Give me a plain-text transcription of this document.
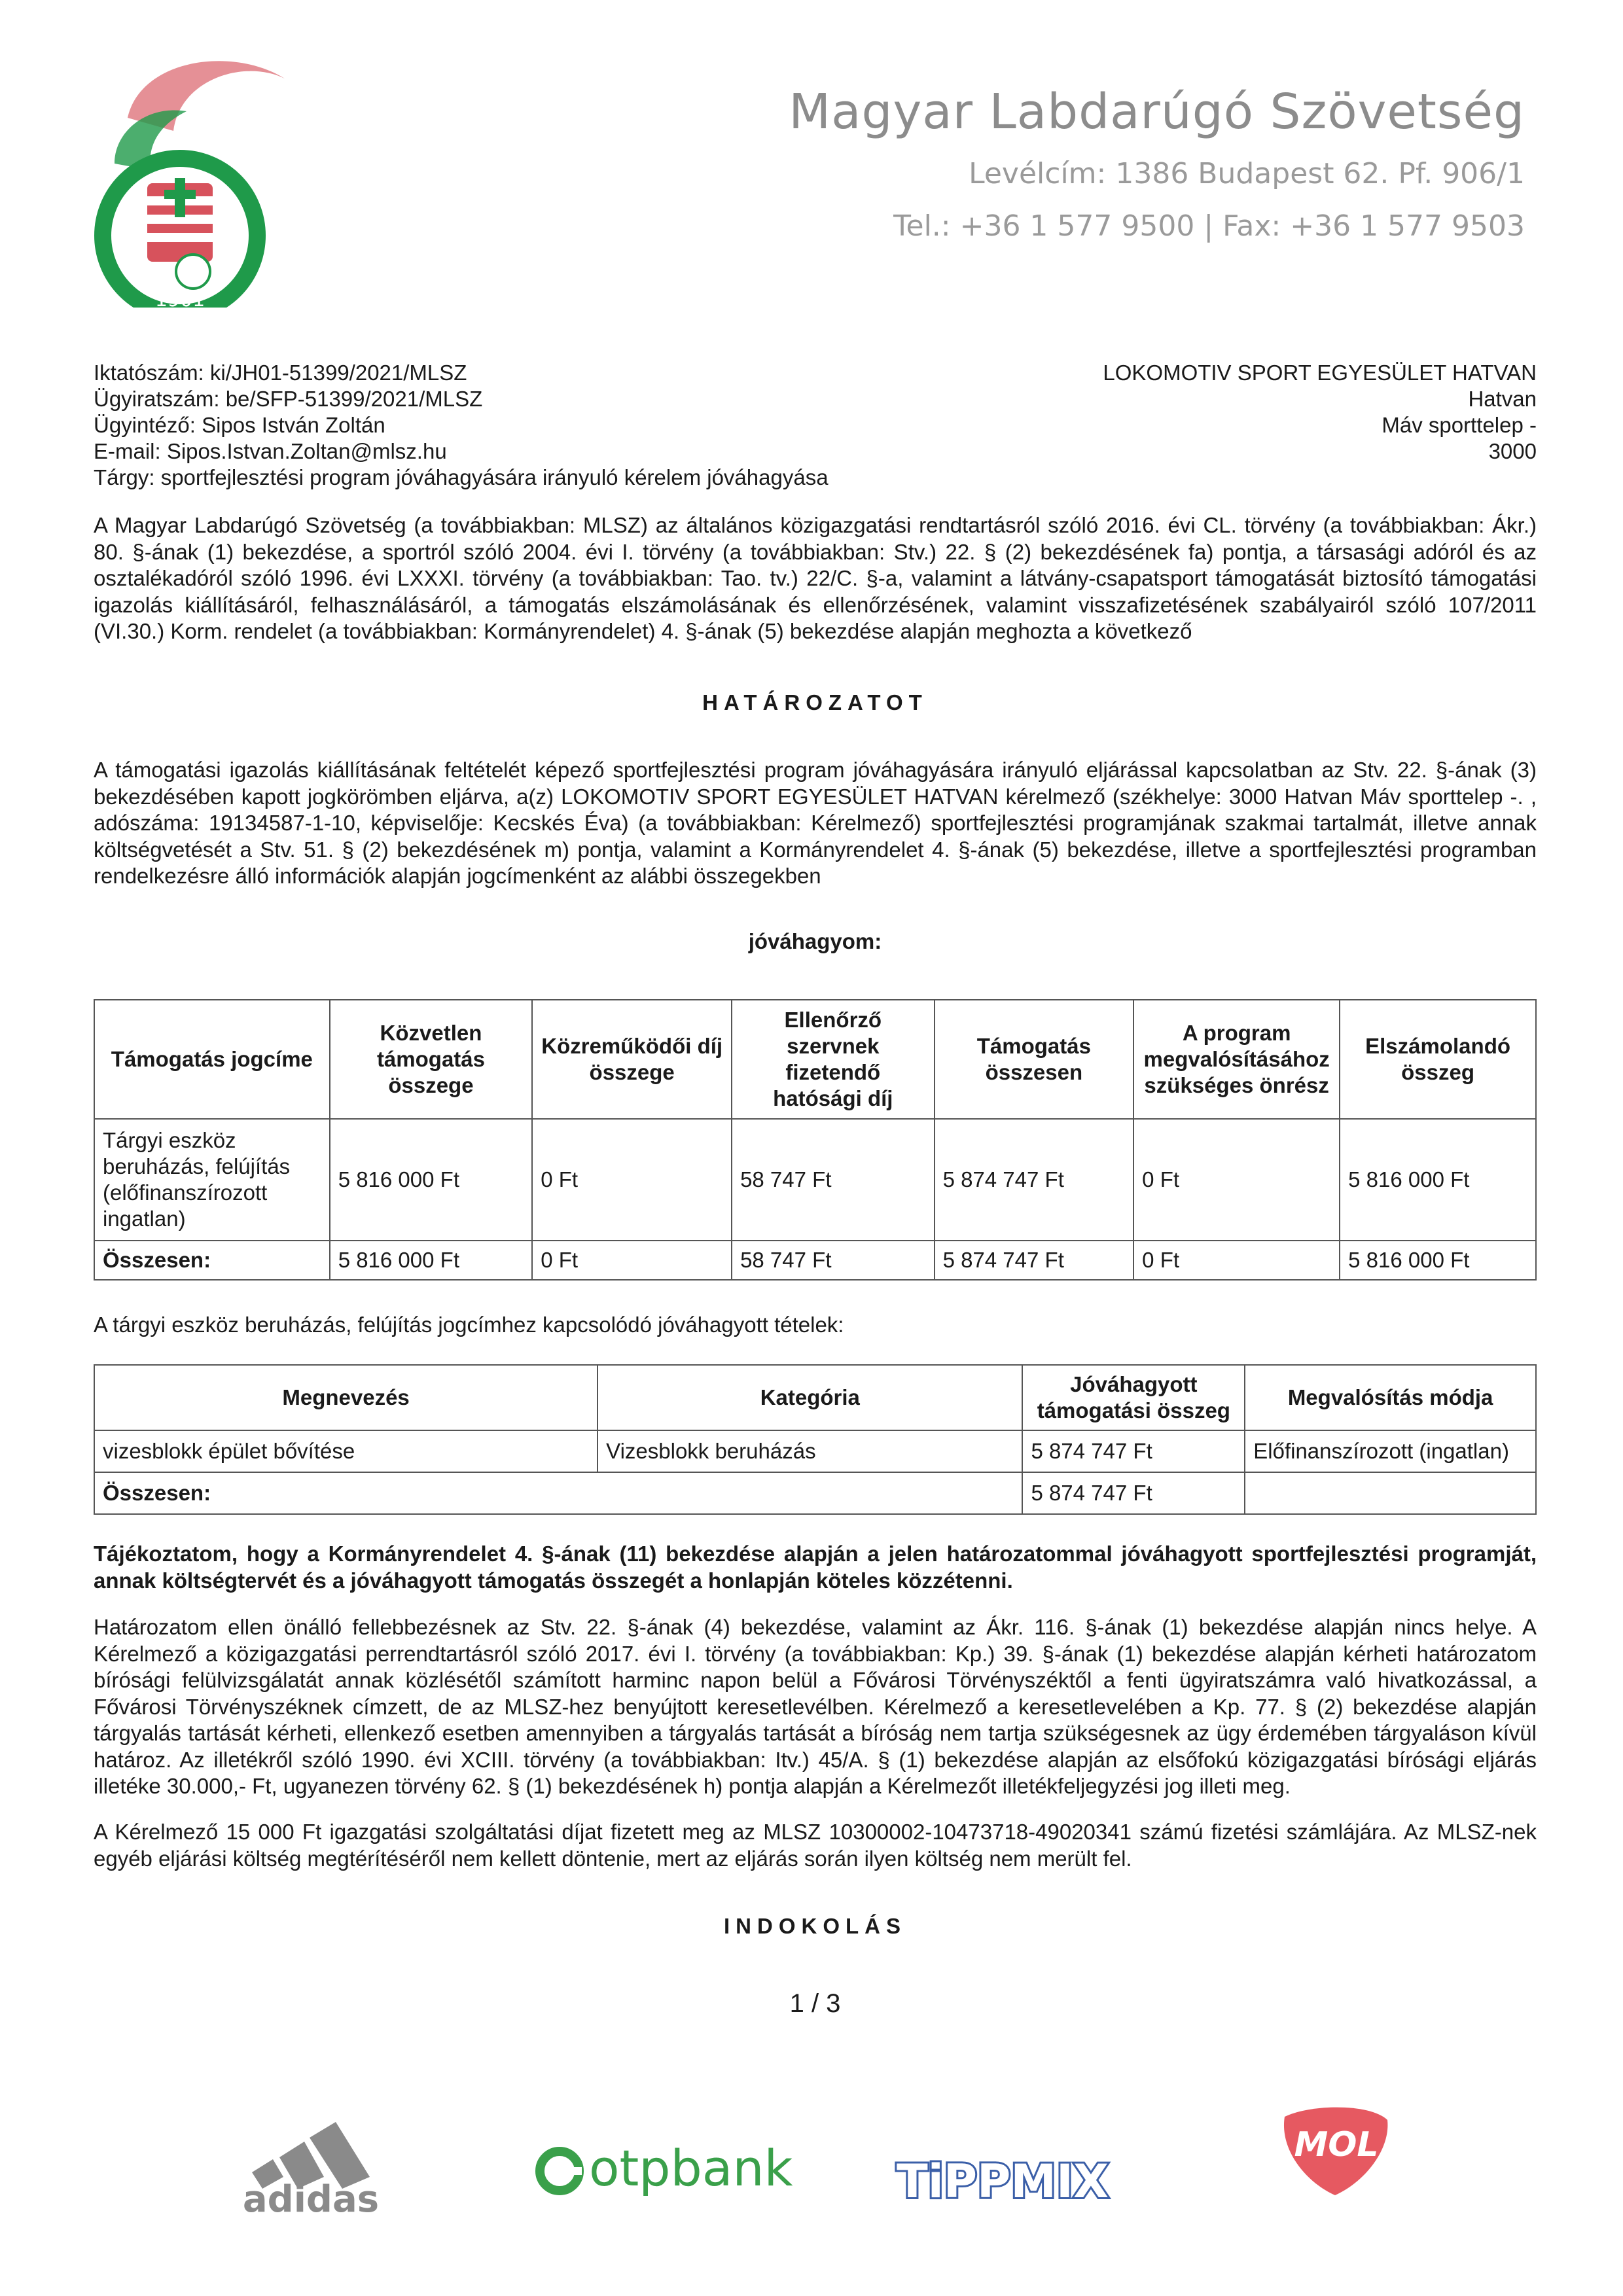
1901
Magyar Labdarúgó Szövetség
Levélcím: 1386 Budapest 62. Pf. 906/1
Tel.: +36 1 577 9500 | Fax: +36 1 577 9503
Iktatószám: ki/JH01-51399/2021/MLSZ
Ügyiratszám: be/SFP-51399/2021/MLSZ
Ügyintéző: Sipos István Zoltán
E-mail: Sipos.Istvan.Zoltan@mlsz.hu
Tárgy: sportfejlesztési program jóváhagyására irányuló kérelem jóváhagyása
LOKOMOTIV SPORT EGYESÜLET HATVAN
Hatvan
Máv sporttelep -
3000
A Magyar Labdarúgó Szövetség (a továbbiakban: MLSZ) az általános közigazgatási rendtartásról szóló 2016. évi CL. törvény (a továbbiakban: Ákr.) 80. §-ának (1) bekezdése, a sportról szóló 2004. évi I. törvény (a továbbiakban: Stv.) 22. § (2) bekezdésének fa) pontja, a társasági adóról és az osztalékadóról szóló 1996. évi LXXXI. törvény (a továbbiakban: Tao. tv.) 22/C. §-a, valamint a látvány-csapatsport támogatását biztosító támogatási igazolás kiállításáról, felhasználásáról, a támogatás elszámolásának és ellenőrzésének, valamint visszafizetésének szabályairól szóló 107/2011 (VI.30.) Korm. rendelet (a továbbiakban: Kormányrendelet) 4. §-ának (5) bekezdése alapján meghozta a következő
HATÁROZATOT
A támogatási igazolás kiállításának feltételét képező sportfejlesztési program jóváhagyására irányuló eljárással kapcsolatban az Stv. 22. §-ának (3) bekezdésében kapott jogkörömben eljárva, a(z) LOKOMOTIV SPORT EGYESÜLET HATVAN kérelmező (székhelye: 3000 Hatvan Máv sporttelep -. , adószáma: 19134587-1-10, képviselője: Kecskés Éva) (a továbbiakban: Kérelmező) sportfejlesztési programjának szakmai tartalmát, illetve annak költségvetését a Stv. 51. § (2) bekezdésének m) pontja, valamint a Kormányrendelet 4. §-ának (5) bekezdése, illetve a sportfejlesztési programban rendelkezésre álló információk alapján jogcímenként az alábbi összegekben
jóváhagyom:
Támogatás jogcíme	Közvetlen támogatás összege	Közreműködői díj összege	Ellenőrző szervnek fizetendő hatósági díj	Támogatás összesen	A program megvalósításához szükséges önrész	Elszámolandó összeg
Tárgyi eszköz beruházás, felújítás (előfinanszírozott ingatlan)	5 816 000 Ft	0 Ft	58 747 Ft	5 874 747 Ft	0 Ft	5 816 000 Ft
Összesen:	5 816 000 Ft	0 Ft	58 747 Ft	5 874 747 Ft	0 Ft	5 816 000 Ft
A tárgyi eszköz beruházás, felújítás jogcímhez kapcsolódó jóváhagyott tételek:
Megnevezés	Kategória	Jóváhagyott támogatási összeg	Megvalósítás módja
vizesblokk épület bővítése	Vizesblokk beruházás	5 874 747 Ft	Előfinanszírozott (ingatlan)
Összesen:		5 874 747 Ft	
Tájékoztatom, hogy a Kormányrendelet 4. §-ának (11) bekezdése alapján a jelen határozatommal jóváhagyott sportfejlesztési programját, annak költségtervét és a jóváhagyott támogatás összegét a honlapján köteles közzétenni.
Határozatom ellen önálló fellebbezésnek az Stv. 22. §-ának (4) bekezdése, valamint az Ákr. 116. §-ának (1) bekezdése alapján nincs helye. A Kérelmező a közigazgatási perrendtartásról szóló 2017. évi I. törvény (a továbbiakban: Kp.) 39. §-ának (1) bekezdése alapján kérheti határozatom bírósági felülvizsgálatát annak közlésétől számított harminc napon belül a Fővárosi Törvényszéktől a fenti ügyiratszámra való hivatkozással, a Fővárosi Törvényszéknek címzett, de az MLSZ-hez benyújtott keresetlevélben. Kérelmező a keresetlevelében a Kp. 77. § (2) bekezdése alapján tárgyalás tartását kérheti, ellenkező esetben amennyiben a tárgyalás tartását a bíróság nem tartja szükségesnek az ügy érdemében tárgyaláson kívül határoz. Az illetékről szóló 1990. évi XCIII. törvény (a továbbiakban: Itv.) 45/A. § (1) bekezdése alapján az elsőfokú közigazgatási bírósági eljárás illetéke 30.000,- Ft, ugyanezen törvény 62. § (1) bekezdésének h) pontja alapján a Kérelmezőt illetékfeljegyzési jog illeti meg.
A Kérelmező 15 000 Ft igazgatási szolgáltatási díjat fizetett meg az MLSZ 10300002-10473718-49020341 számú fizetési számlájára. Az MLSZ-nek egyéb eljárási költség megtérítéséről nem kellett döntenie, mert az eljárás során ilyen költség nem merült fel.
INDOKOLÁS
1 / 3
adidas
otpbank TiPPMIX
MOL
